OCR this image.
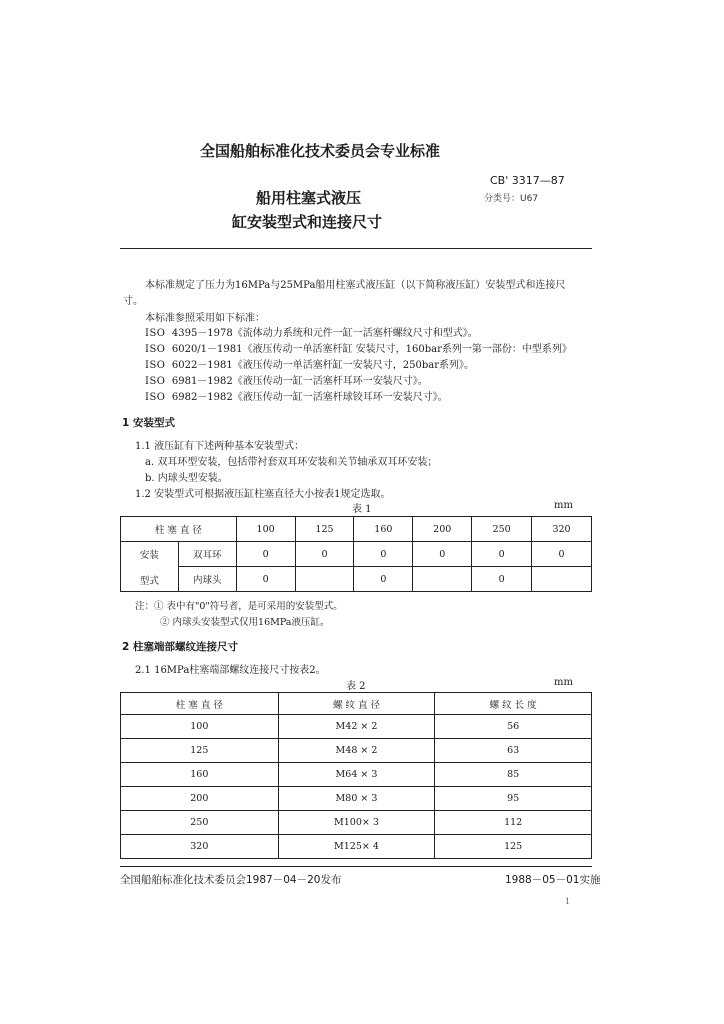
全国船舶标准化技术委员会专业标准
CB' 3317—87
分类号：U67
船用柱塞式液压
缸安装型式和连接尺寸
本标准规定了压力为16MPa与25MPa船用柱塞式液压缸（以下简称液压缸）安装型式和连接尺
寸。
本标准参照采用如下标准：
ISO 4395－1978《流体动力系统和元件一缸一活塞杆螺纹尺寸和型式》。
ISO 6020/1－1981《液压传动一单活塞杆缸 安装尺寸，160bar系列一第一部份：中型系列》
ISO 6022－1981《液压传动一单活塞杆缸一安装尺寸，250bar系列》。
ISO 6981－1982《液压传动一缸一活塞杆耳环一安装尺寸》。
ISO 6982－1982《液压传动一缸一活塞杆球铰耳环一安装尺寸》。
1 安装型式
1.1 液压缸有下述两种基本安装型式：
a. 双耳环型安装，包括带衬套双耳环安装和关节轴承双耳环安装；
b. 内球头型安装。
1.2 安装型式可根据液压缸柱塞直径大小按表1规定选取。
表 1	mm
柱 塞 直 径		100	125	160	200	250	320

安装
型式	双耳环	0	0	0	0	0	0
	内球头	0		0		0	
注：① 表中有"0"符号者，是可采用的安装型式。
② 内球头安装型式仅用16MPa液压缸。
2 柱塞端部螺纹连接尺寸
2.1 16MPa柱塞端部螺纹连接尺寸按表2。
表 2	mm
柱 塞 直 径	螺 纹 直 径	螺 纹 长 度
100	M42 × 2	56
125	M48 × 2	63
160	M64 × 3	85
200	M80 × 3	95
250	M100× 3	112
320	M125× 4	125
全国船舶标准化技术委员会1987－04－20发布	1988－05－01实施
1
